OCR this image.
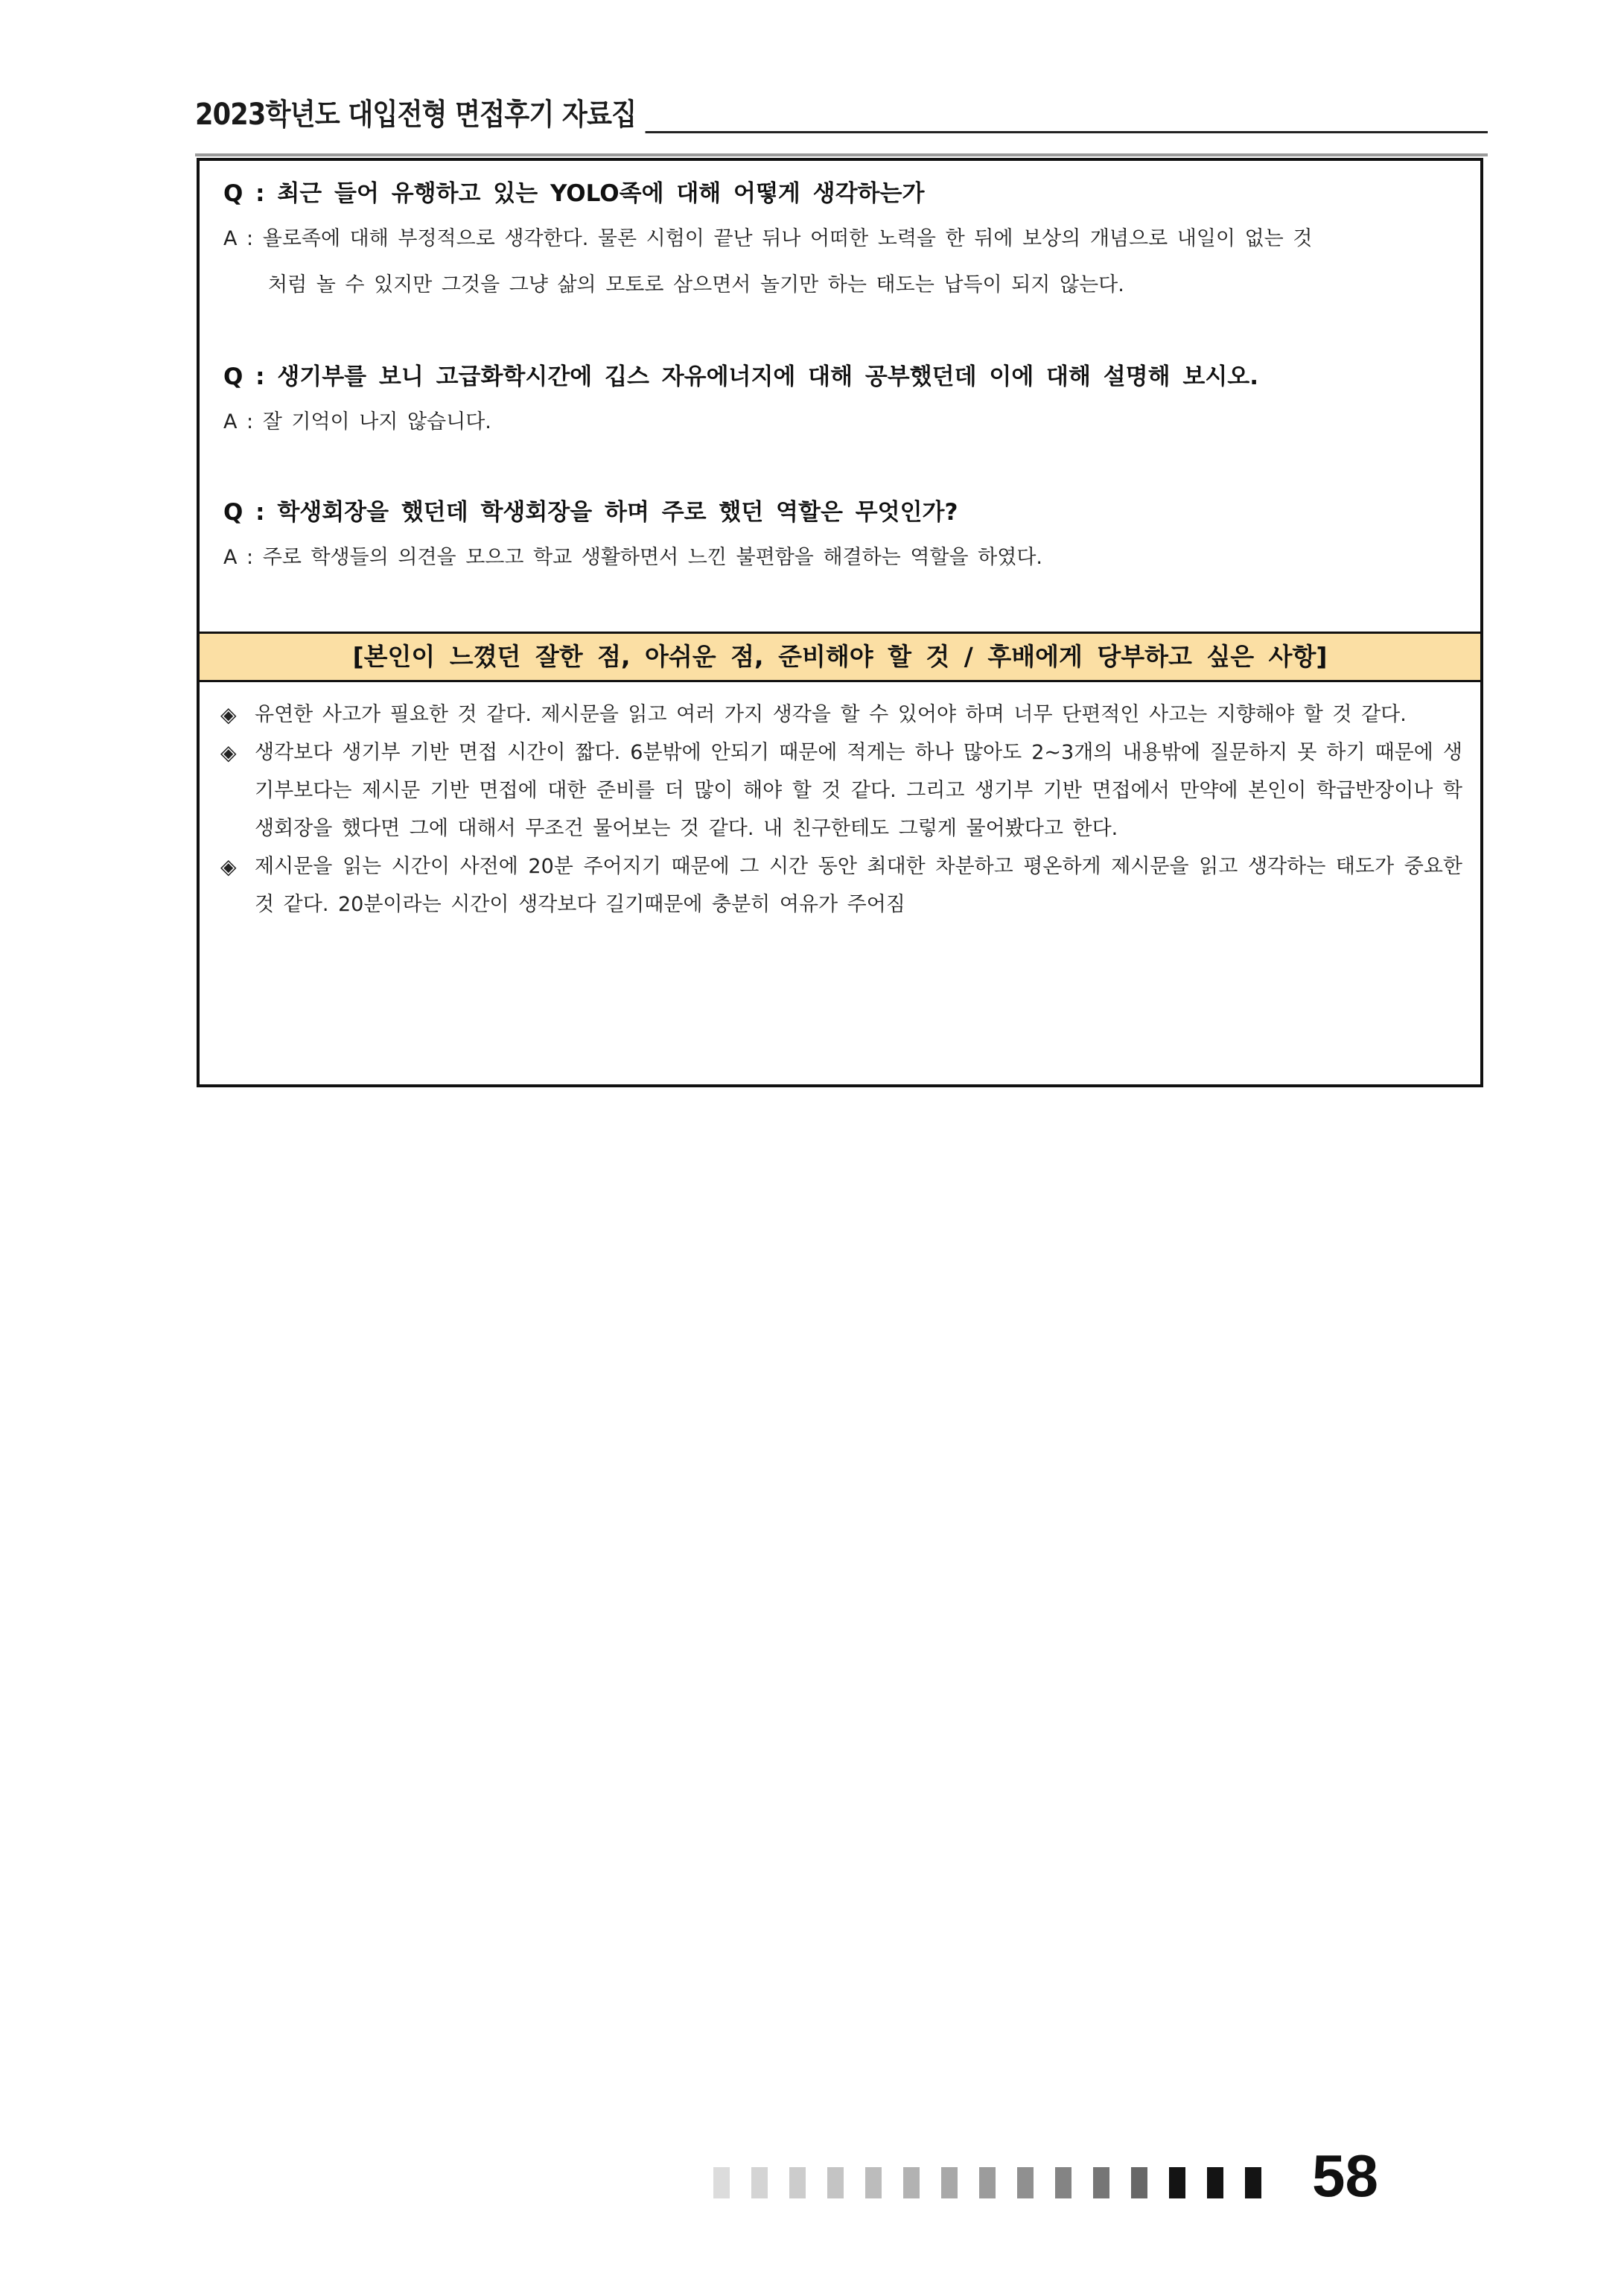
2023학년도 대입전형 면접후기 자료집
Q : 최근 들어 유행하고 있는 YOLO족에 대해 어떻게 생각하는가
A : 욜로족에 대해 부정적으로 생각한다. 물론 시험이 끝난 뒤나 어떠한 노력을 한 뒤에 보상의 개념으로 내일이 없는 것
처럼 놀 수 있지만 그것을 그냥 삶의 모토로 삼으면서 놀기만 하는 태도는 납득이 되지 않는다.
Q : 생기부를 보니 고급화학시간에 깁스 자유에너지에 대해 공부했던데 이에 대해 설명해 보시오.
A : 잘 기억이 나지 않습니다.
Q : 학생회장을 했던데 학생회장을 하며 주로 했던 역할은 무엇인가?
A : 주로 학생들의 의견을 모으고 학교 생활하면서 느낀 불편함을 해결하는 역할을 하였다.
[본인이 느꼈던 잘한 점, 아쉬운 점, 준비해야 할 것 / 후배에게 당부하고 싶은 사항]
◈ 유연한 사고가 필요한 것 같다. 제시문을 읽고 여러 가지 생각을 할 수 있어야 하며 너무 단편적인 사고는 지향해야 할 것 같다.
◈ 생각보다 생기부 기반 면접 시간이 짧다. 6분밖에 안되기 때문에 적게는 하나 많아도 2~3개의 내용밖에 질문하지 못 하기 때문에 생기부보다는 제시문 기반 면접에 대한 준비를 더 많이 해야 할 것 같다. 그리고 생기부 기반 면접에서 만약에 본인이 학급반장이나 학생회장을 했다면 그에 대해서 무조건 물어보는 것 같다. 내 친구한테도 그렇게 물어봤다고 한다.
◈ 제시문을 읽는 시간이 사전에 20분 주어지기 때문에 그 시간 동안 최대한 차분하고 평온하게 제시문을 읽고 생각하는 태도가 중요한 것 같다. 20분이라는 시간이 생각보다 길기때문에 충분히 여유가 주어짐
58
